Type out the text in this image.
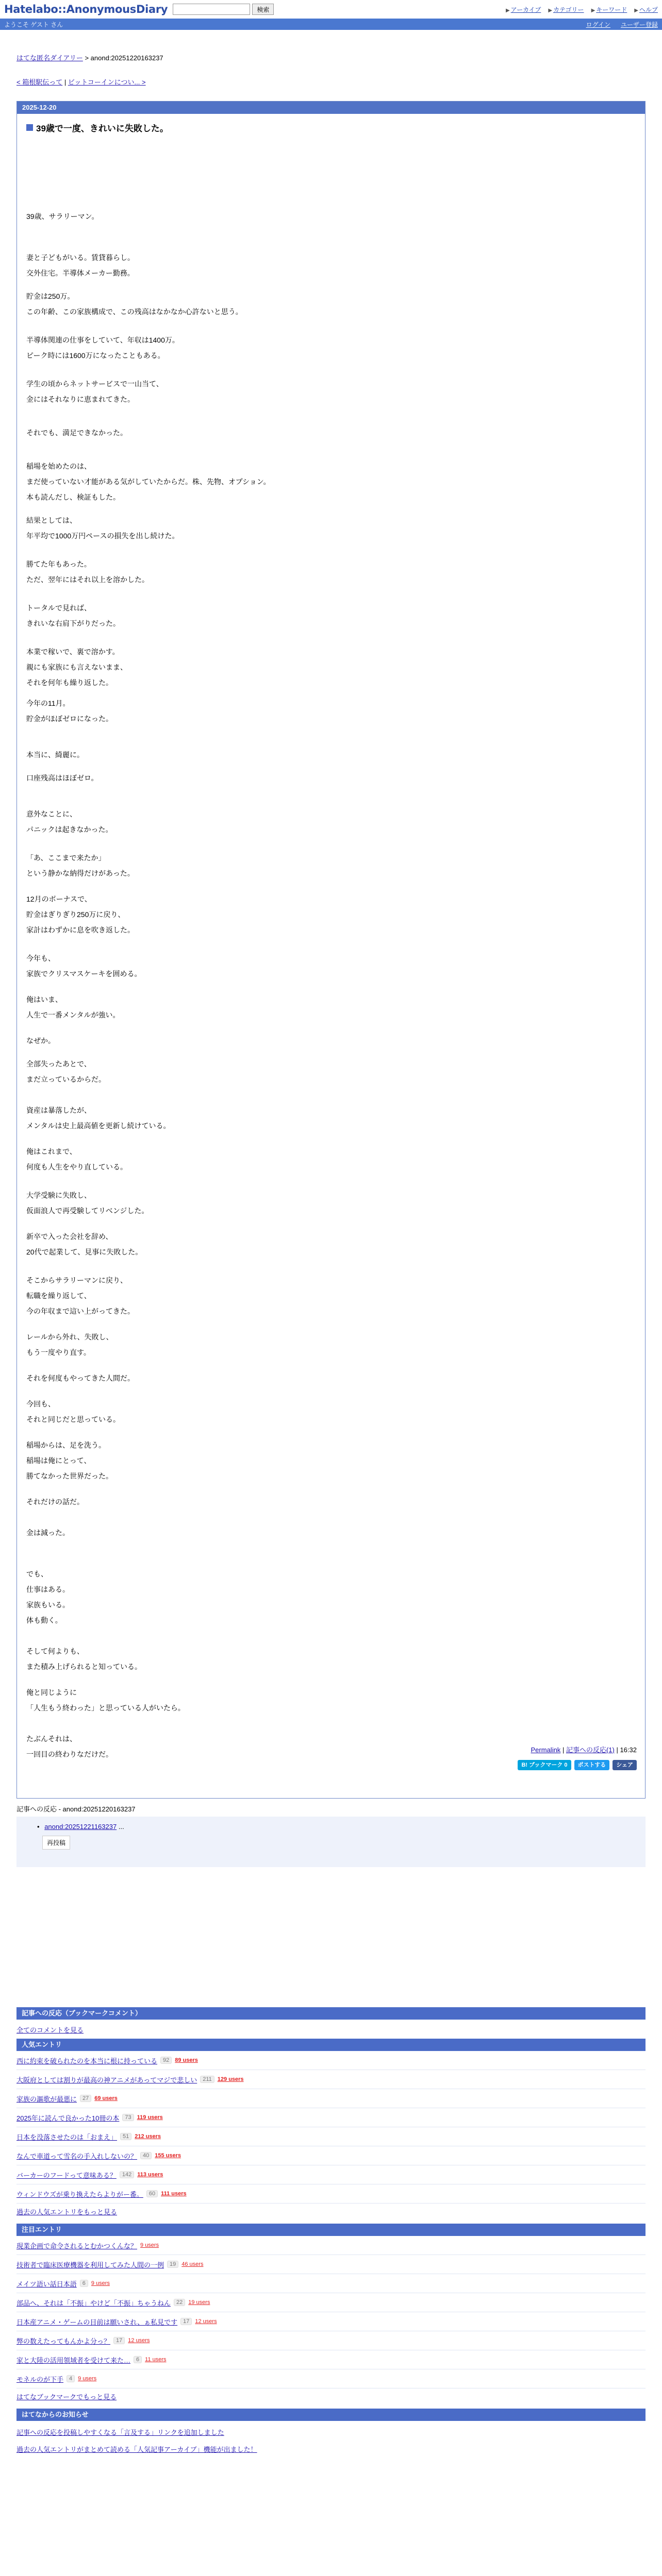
Hatelabo::AnonymousDiary	検索	▶ アーカイブ ▶ カテゴリー ▶ キーワード ▶ ヘルプ
ようこそ ゲスト さん	ログイン ユーザー登録
はてな匿名ダイアリー > anond:20251220163237
< 箱根駅伝って | ビットコーインについ... >
2025-12-20
39歳で一度、きれいに失敗した。

39歳、サラリーマン。

妻と子どもがいる。賃貸暮らし。

交外住宅。半導体メーカー勤務。

貯金は250万。

この年齢、この家族構成で、この残高はなかなか心許ないと思う。

半導体関連の仕事をしていて、年収は1400万。

ピーク時には1600万になったこともある。

学生の頃からネットサービスで一山当て、

金にはそれなりに恵まれてきた。

それでも、満足できなかった。

稲場を始めたのは、

まだ使っていない才能がある気がしていたからだ。株、先物、オプション。

本も読んだし、検証もした。

結果としては、

年平均で1000万円ペースの損失を出し続けた。

勝てた年もあった。

ただ、翌年にはそれ以上を溶かした。

トータルで見れば、

きれいな右肩下がりだった。

本業で稼いで、裏で溶かす。

親にも家族にも言えないまま、

それを何年も繰り返した。

今年の11月。

貯金がほぼゼロになった。

本当に、綺麗に。

口座残高はほぼゼロ。

意外なことに、

パニックは起きなかった。

「あ、ここまで来たか」

という静かな納得だけがあった。

12月のボーナスで、

貯金はぎりぎり250万に戻り、

家計はわずかに息を吹き返した。

今年も、

家族でクリスマスケーキを囲める。

俺はいま、

人生で一番メンタルが強い。

なぜか。

全部失ったあとで、

まだ立っているからだ。

資産は暴落したが、

メンタルは史上最高値を更新し続けている。

俺はこれまで、

何度も人生をやり直している。

大学受験に失敗し、

仮面浪人で再受験してリベンジした。

新卒で入った会社を辞め、

20代で起業して、見事に失敗した。

そこからサラリーマンに戻り、

転職を繰り返して、

今の年収まで這い上がってきた。

レールから外れ、失敗し、

もう一度やり直す。

それを何度もやってきた人間だ。

今回も、

それと同じだと思っている。

稲場からは、足を洗う。

稲場は俺にとって、

勝てなかった世界だった。

それだけの話だ。

金は減った。

でも、

仕事はある。

家族もいる。

体も動く。

そして何よりも、

また積み上げられると知っている。

俺と同じように

「人生もう終わった」と思っている人がいたら。

たぶんそれは、

一回目の終わりなだけだ。

Permalink | 記事への反応(1) | 16:32
B! ブックマーク 0	ポストする	シェア
記事への反応 - anond:20251220163237
• anond:20251221163237 ...
再投稿
記事への反応（ブックマークコメント）
全てのコメントを見る
人気エントリ
西に約束を破られたのを本当に根に持っている	92	89 users
大阪府としては割りが最高の神アニメがあってマジで悲しい	211	129 users
家族の謳歌が最悪に	27	69 users
2025年に読んで良かった10冊の本	73	119 users
日本を没落させたのは「おまえ」	51	212 users
なんで車道って雪名の手入れしないの？	40	155 users
バーカーのフードって意味ある？	142	113 users
ウィンドウズが乗り換えたらよりがー番。	60	111 users
過去の人気エントリをもっと見る
注目エントリ
現業企画で命令されるとむかつくんな？ 9 users
技術者で臨床医療機器を利用してみた人間の一例	19	46 users
メイツ語い話日本語	6	9 users
部品へ、それは「不振」やけど「不振」ちゃうねん	22	19 users
日本産アニメ・ゲームの目前は願いされ、ぁ私見です	17	12 users
弊の数えたってもんかよ分っ？	17	12 users
家と大陸の活用領域者を受けて来た…	6	11 users
モネルのが下手	4	9 users
はてなブックマークでもっと見る
はてなからのお知らせ
記事への反応を投稿しやすくなる「言及する」リンクを追加しました
過去の人気エントリがまとめて読める「人気記事アーカイブ」機能が出ました！
